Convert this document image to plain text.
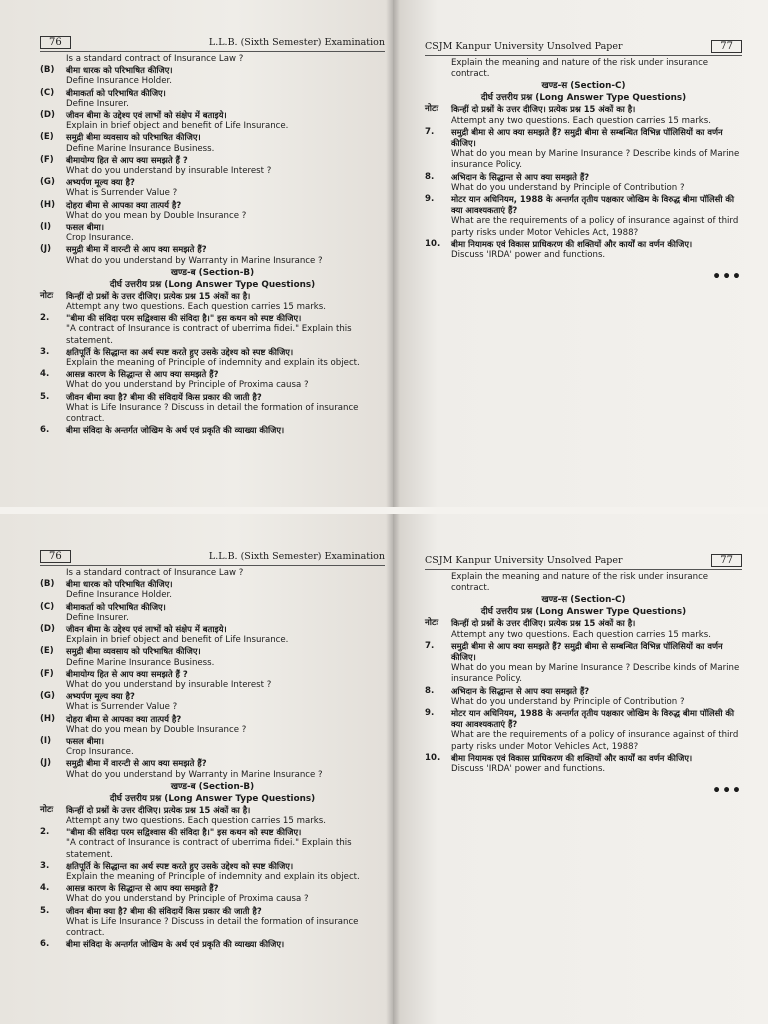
76	L.L.B. (Sixth Semester) Examination
Is a standard contract of Insurance Law ?
(B)	बीमा धारक को परिभाषित कीजिए।
Define Insurance Holder.
(C)	बीमाकर्ता को परिभाषित कीजिए।
Define Insurer.
(D)	जीवन बीमा के उद्देश्य एवं लाभों को संक्षेप में बताइये।
Explain in brief object and benefit of Life Insurance.
(E)	समुद्री बीमा व्यवसाय को परिभाषित कीजिए।
Define Marine Insurance Business.
(F)	बीमायोग्य हित से आप क्या समझते हैं ?
What do you understand by insurable Interest ?
(G)	अभ्यर्पण मूल्य क्या है?
What is Surrender Value ?
(H)	दोहरा बीमा से आपका क्या तात्पर्य है?
What do you mean by Double Insurance ?
(I)	फसल बीमा।
Crop Insurance.
(J)	समुद्री बीमा में वारन्टी से आप क्या समझते हैं?
What do you understand by Warranty in Marine Insurance ?
खण्ड-ब (Section-B)
दीर्घ उत्तरीय प्रश्न (Long Answer Type Questions)
नोटः	किन्हीं दो प्रश्नों के उत्तर दीजिए। प्रत्येक प्रश्न 15 अंकों का है।
Attempt any two questions. Each question carries 15 marks.
2.	"बीमा की संविदा परम सद्विश्वास की संविदा है।" इस कथन को स्पष्ट कीजिए।
"A contract of Insurance is contract of uberrima fidei." Explain this statement.
3.	क्षतिपूर्ति के सिद्धान्त का अर्थ स्पष्ट करते हुए उसके उद्देश्य को स्पष्ट कीजिए।
Explain the meaning of Principle of indemnity and explain its object.
4.	आसन्न कारण के सिद्धान्त से आप क्या समझते हैं?
What do you understand by Principle of Proxima causa ?
5.	जीवन बीमा क्या है? बीमा की संविदायें किस प्रकार की जाती है?
What is Life Insurance ? Discuss in detail the formation of insurance contract.
6.	बीमा संविदा के अन्तर्गत जोखिम के अर्थ एवं प्रकृति की व्याख्या कीजिए।
CSJM Kanpur University Unsolved Paper	77
Explain the meaning and nature of the risk under insurance contract.
खण्ड-स (Section-C)
दीर्घ उत्तरीय प्रश्न (Long Answer Type Questions)
नोटः	किन्हीं दो प्रश्नों के उत्तर दीजिए। प्रत्येक प्रश्न 15 अंकों का है।
Attempt any two questions. Each question carries 15 marks.
7.	समुद्री बीमा से आप क्या समझते हैं? समुद्री बीमा से सम्बन्धित विभिन्न पॉलिसियों का वर्णन कीजिए।
What do you mean by Marine Insurance ? Describe kinds of Marine insurance Policy.
8.	अभिदान के सिद्धान्त से आप क्या समझते हैं?
What do you understand by Principle of Contribution ?
9.	मोटर यान अधिनियम, 1988 के अन्तर्गत तृतीय पक्षकार जोखिम के विरुद्ध बीमा पॉलिसी की क्या आवश्यकताएं हैं?
What are the requirements of a policy of insurance against of third party risks under Motor Vehicles Act, 1988?
10.	बीमा नियामक एवं विकास प्राधिकरण की शक्तियों और कार्यों का वर्णन कीजिए।
Discuss 'IRDA' power and functions.
•••
76	L.L.B. (Sixth Semester) Examination
Is a standard contract of Insurance Law ?
(B)	बीमा धारक को परिभाषित कीजिए।
Define Insurance Holder.
(C)	बीमाकर्ता को परिभाषित कीजिए।
Define Insurer.
(D)	जीवन बीमा के उद्देश्य एवं लाभों को संक्षेप में बताइये।
Explain in brief object and benefit of Life Insurance.
(E)	समुद्री बीमा व्यवसाय को परिभाषित कीजिए।
Define Marine Insurance Business.
(F)	बीमायोग्य हित से आप क्या समझते हैं ?
What do you understand by insurable Interest ?
(G)	अभ्यर्पण मूल्य क्या है?
What is Surrender Value ?
(H)	दोहरा बीमा से आपका क्या तात्पर्य है?
What do you mean by Double Insurance ?
(I)	फसल बीमा।
Crop Insurance.
(J)	समुद्री बीमा में वारन्टी से आप क्या समझते हैं?
What do you understand by Warranty in Marine Insurance ?
खण्ड-ब (Section-B)
दीर्घ उत्तरीय प्रश्न (Long Answer Type Questions)
नोटः	किन्हीं दो प्रश्नों के उत्तर दीजिए। प्रत्येक प्रश्न 15 अंकों का है।
Attempt any two questions. Each question carries 15 marks.
2.	"बीमा की संविदा परम सद्विश्वास की संविदा है।" इस कथन को स्पष्ट कीजिए।
"A contract of Insurance is contract of uberrima fidei." Explain this statement.
3.	क्षतिपूर्ति के सिद्धान्त का अर्थ स्पष्ट करते हुए उसके उद्देश्य को स्पष्ट कीजिए।
Explain the meaning of Principle of indemnity and explain its object.
4.	आसन्न कारण के सिद्धान्त से आप क्या समझते हैं?
What do you understand by Principle of Proxima causa ?
5.	जीवन बीमा क्या है? बीमा की संविदायें किस प्रकार की जाती है?
What is Life Insurance ? Discuss in detail the formation of insurance contract.
6.	बीमा संविदा के अन्तर्गत जोखिम के अर्थ एवं प्रकृति की व्याख्या कीजिए।
CSJM Kanpur University Unsolved Paper	77
Explain the meaning and nature of the risk under insurance contract.
खण्ड-स (Section-C)
दीर्घ उत्तरीय प्रश्न (Long Answer Type Questions)
नोटः	किन्हीं दो प्रश्नों के उत्तर दीजिए। प्रत्येक प्रश्न 15 अंकों का है।
Attempt any two questions. Each question carries 15 marks.
7.	समुद्री बीमा से आप क्या समझते हैं? समुद्री बीमा से सम्बन्धित विभिन्न पॉलिसियों का वर्णन कीजिए।
What do you mean by Marine Insurance ? Describe kinds of Marine insurance Policy.
8.	अभिदान के सिद्धान्त से आप क्या समझते हैं?
What do you understand by Principle of Contribution ?
9.	मोटर यान अधिनियम, 1988 के अन्तर्गत तृतीय पक्षकार जोखिम के विरुद्ध बीमा पॉलिसी की क्या आवश्यकताएं हैं?
What are the requirements of a policy of insurance against of third party risks under Motor Vehicles Act, 1988?
10.	बीमा नियामक एवं विकास प्राधिकरण की शक्तियों और कार्यों का वर्णन कीजिए।
Discuss 'IRDA' power and functions.
•••
